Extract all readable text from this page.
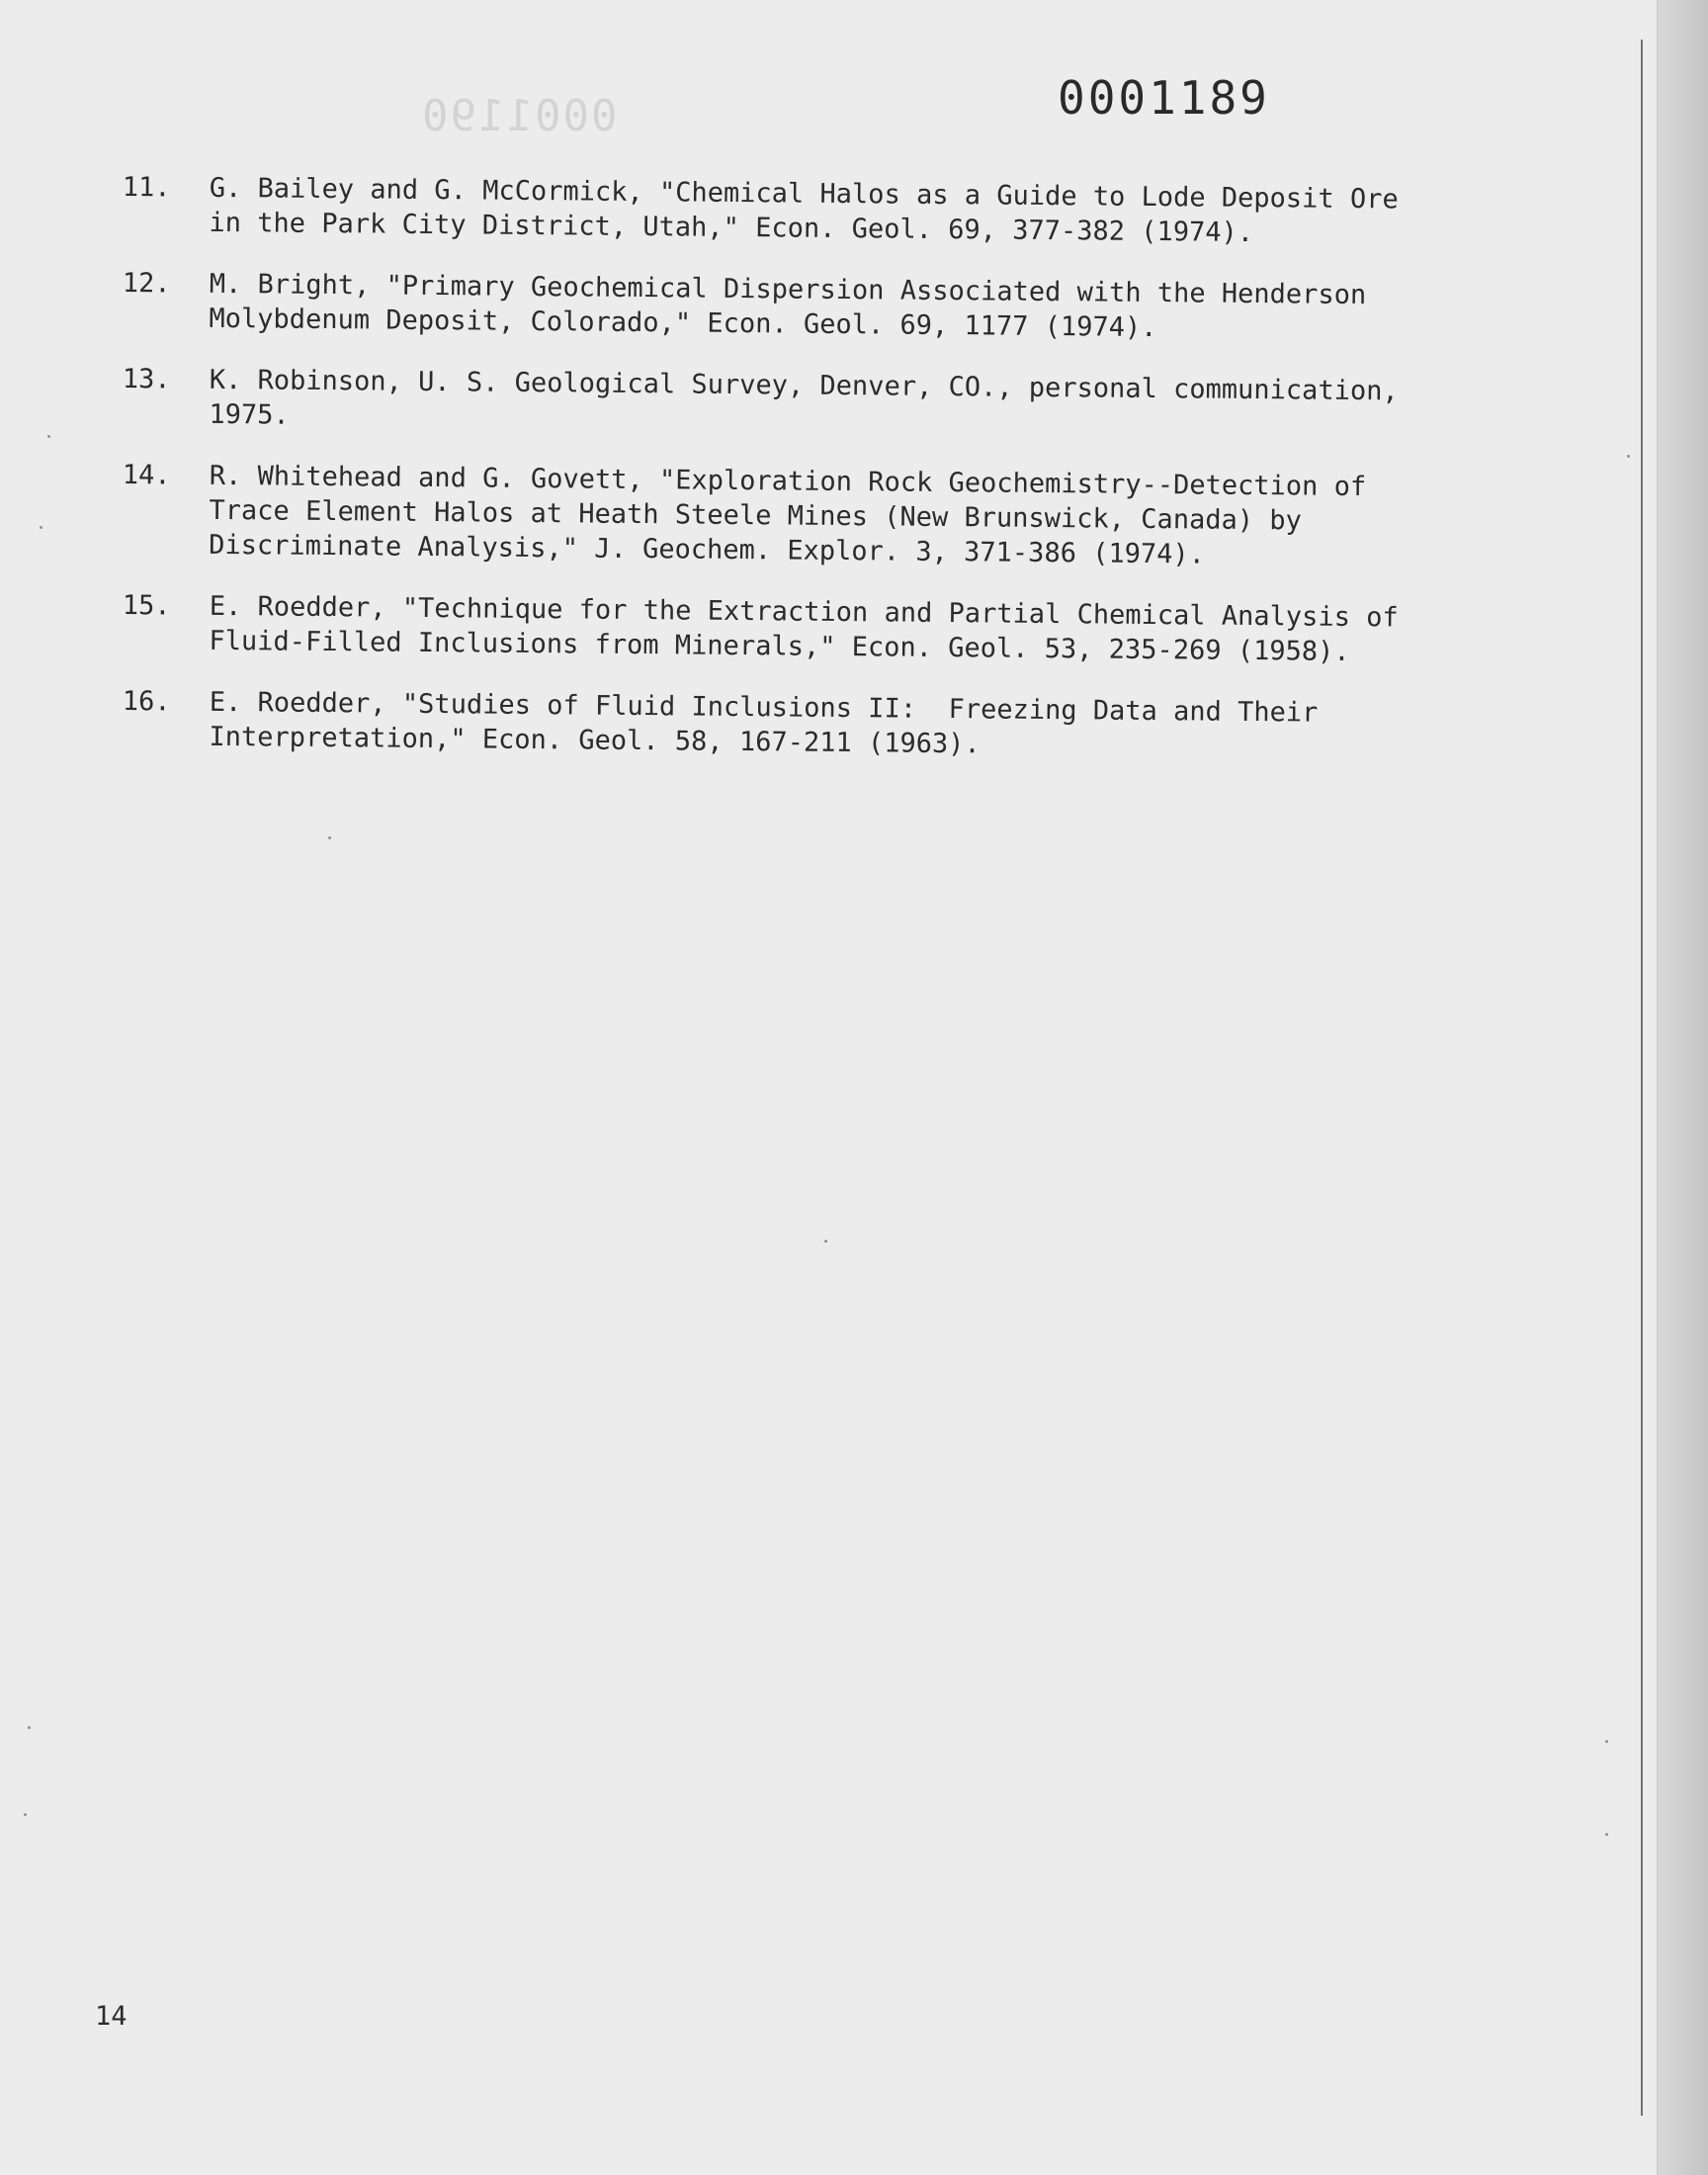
0001190	0001189
11. G. Bailey and G. McCormick, "Chemical Halos as a Guide to Lode Deposit Ore
in the Park City District, Utah," Econ. Geol. 69, 377-382 (1974).
12. M. Bright, "Primary Geochemical Dispersion Associated with the Henderson
Molybdenum Deposit, Colorado," Econ. Geol. 69, 1177 (1974).
13. K. Robinson, U. S. Geological Survey, Denver, CO., personal communication,
1975.
14. R. Whitehead and G. Govett, "Exploration Rock Geochemistry--Detection of
Trace Element Halos at Heath Steele Mines (New Brunswick, Canada) by
Discriminate Analysis," J. Geochem. Explor. 3, 371-386 (1974).
15. E. Roedder, "Technique for the Extraction and Partial Chemical Analysis of
Fluid-Filled Inclusions from Minerals," Econ. Geol. 53, 235-269 (1958).
16. E. Roedder, "Studies of Fluid Inclusions II:  Freezing Data and Their
Interpretation," Econ. Geol. 58, 167-211 (1963).
14
